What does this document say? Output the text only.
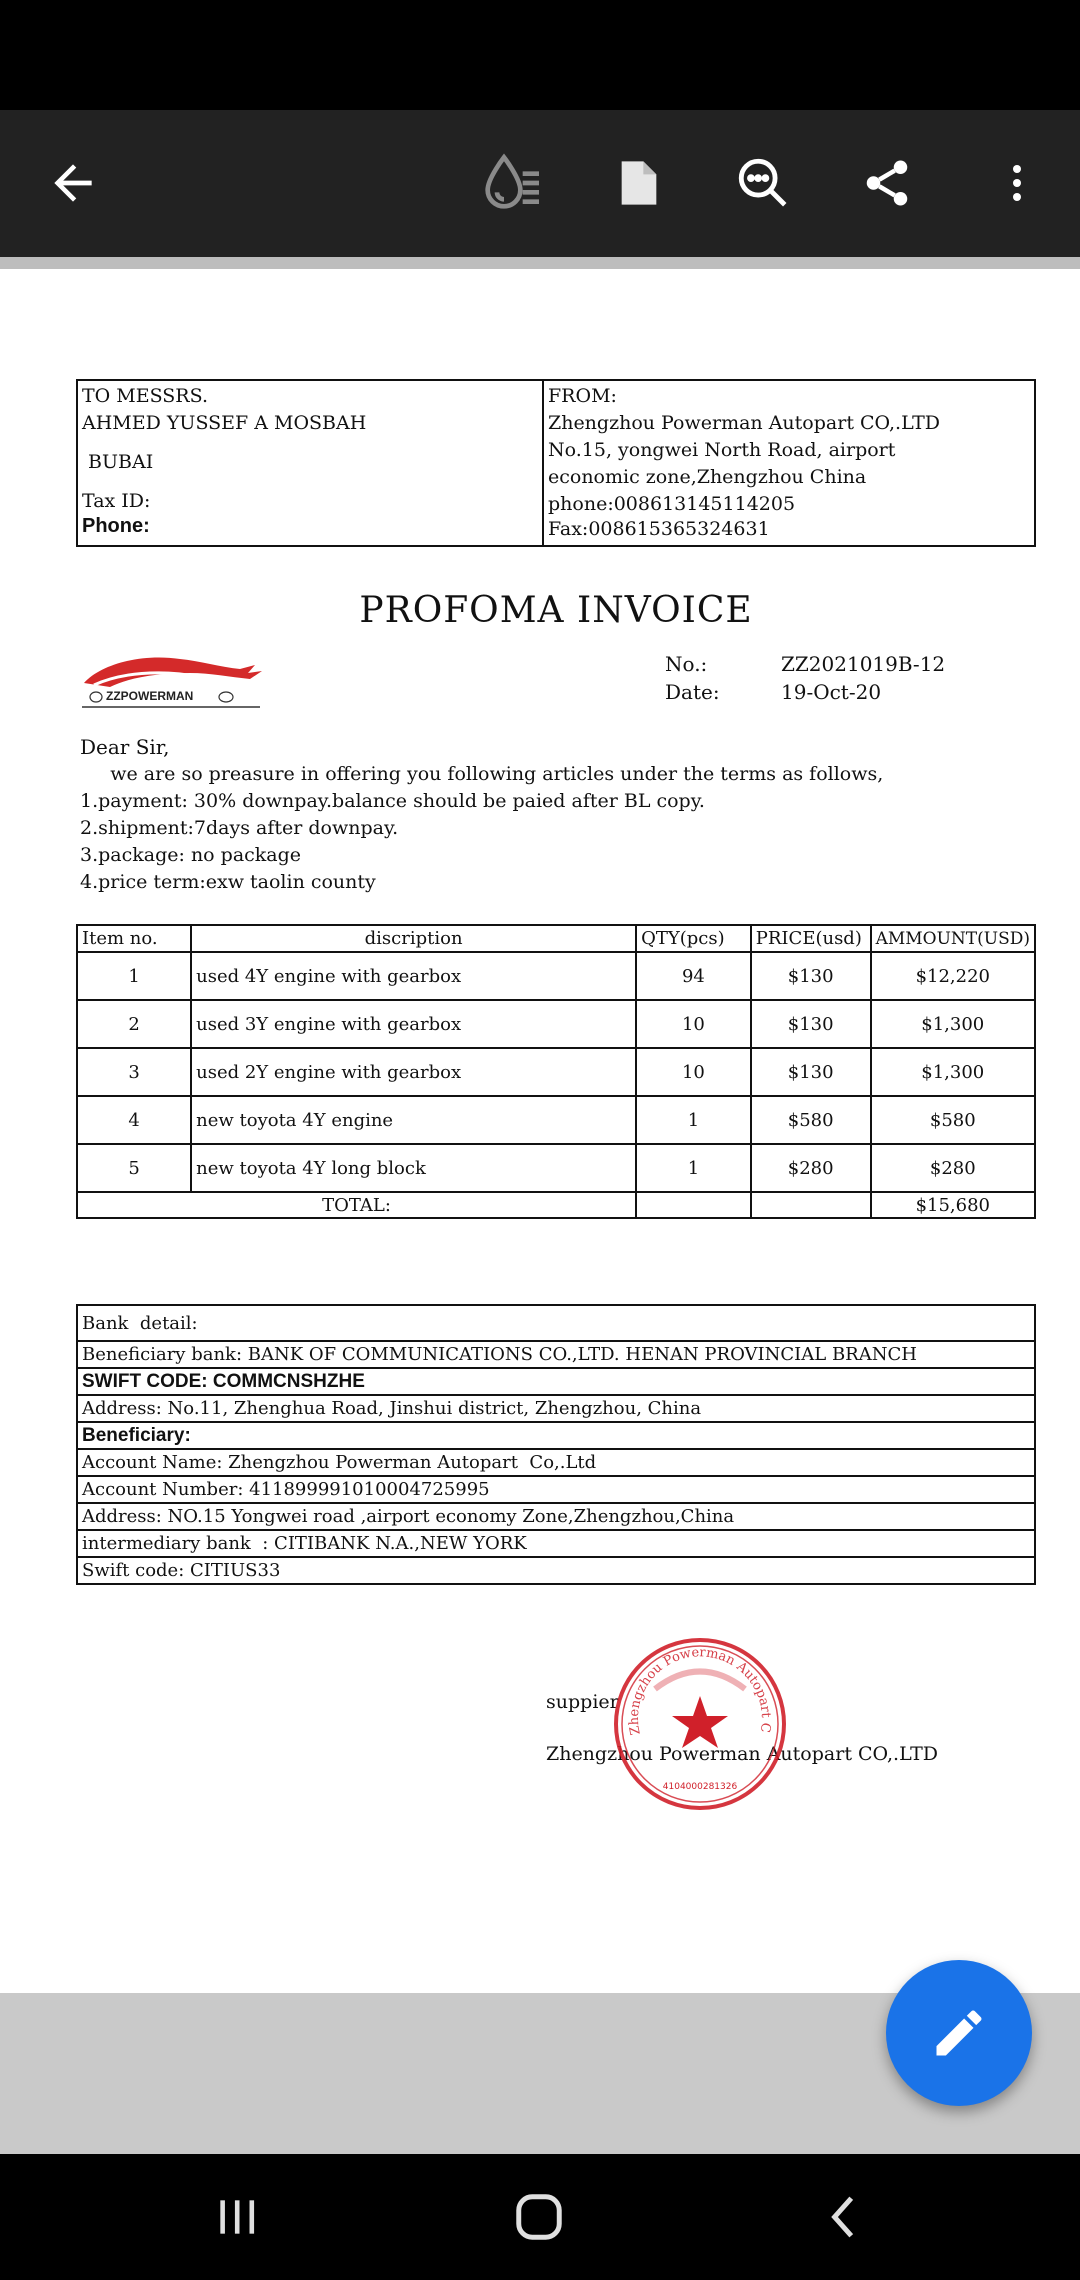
TO MESSRS.
AHMED YUSSEF A MOSBAH
BUBAI
Tax ID:
Phone:

FROM:
Zhengzhou Powerman Autopart CO,.LTD
No.15, yongwei North Road, airport
economic zone,Zhengzhou China
phone:008613145114205
Fax:008615365324631
PROFOMA INVOICE
ZZPOWERMAN
No.:	ZZ2021019B-12
Date:	19-Oct-20
Dear Sir,
we are so preasure in offering you following articles under the terms as follows,
1.payment: 30% downpay.balance should be paied after BL copy.
2.shipment:7days after downpay.
3.package: no package
4.price term:exw taolin county
Item no.	discription	QTY(pcs)	PRICE(usd)	AMMOUNT(USD)
1	used 4Y engine with gearbox	94	$130	$12,220
2	used 3Y engine with gearbox	10	$130	$1,300
3	used 2Y engine with gearbox	10	$130	$1,300
4	new toyota 4Y engine	1	$580	$580
5	new toyota 4Y long block	1	$280	$280
TOTAL:				$15,680
Bank  detail:
Beneficiary bank: BANK OF COMMUNICATIONS CO.,LTD. HENAN PROVINCIAL BRANCH
SWIFT CODE: COMMCNSHZHE
Address: No.11, Zhenghua Road, Jinshui district, Zhengzhou, China
Beneficiary:
Account Name: Zhengzhou Powerman Autopart  Co,.Ltd
Account Number: 411899991010004725995
Address: NO.15 Yongwei road ,airport economy Zone,Zhengzhou,China
intermediary bank  : CITIBANK N.A.,NEW YORK
Swift code: CITIUS33
suppier
Zhengzhou Powerman Autopart CO,.LTD
Zhengzhou Powerman Autopart C
4104000281326
